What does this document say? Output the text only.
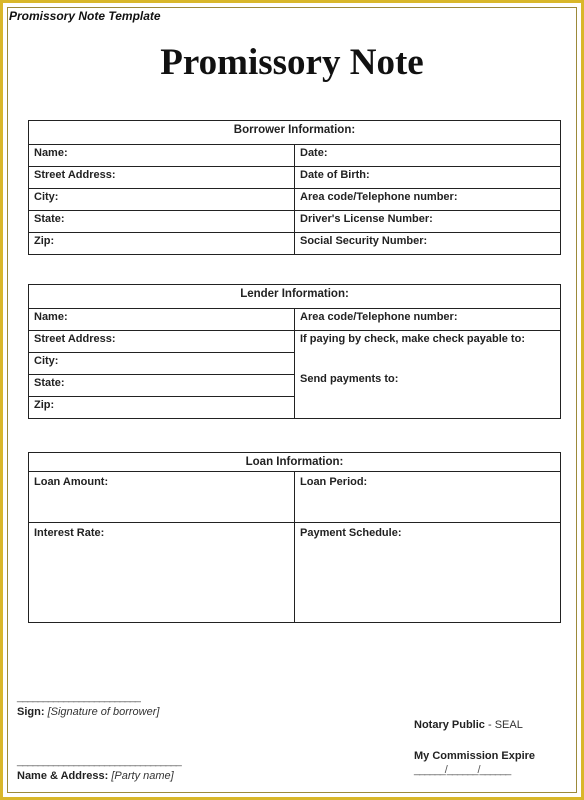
Promissory Note Template
Promissory Note
Borrower Information:	
Name:	Date:
Street Address:	Date of Birth:
City:	Area code/Telephone number:
State:	Driver's License Number:
Zip:	Social Security Number:
Lender Information:	
Name:	Area code/Telephone number:
Street Address:	If paying by check, make check payable to:
Send payments to:

City:	
State:	
Zip:	
Loan Information:	
Loan Amount:	Loan Period:
Interest Rate:	Payment Schedule:
________________________
Sign: [Signature of borrower]
________________________________
Name & Address: [Party name]
Notary Public - SEAL
My Commission Expire
______/______/______
